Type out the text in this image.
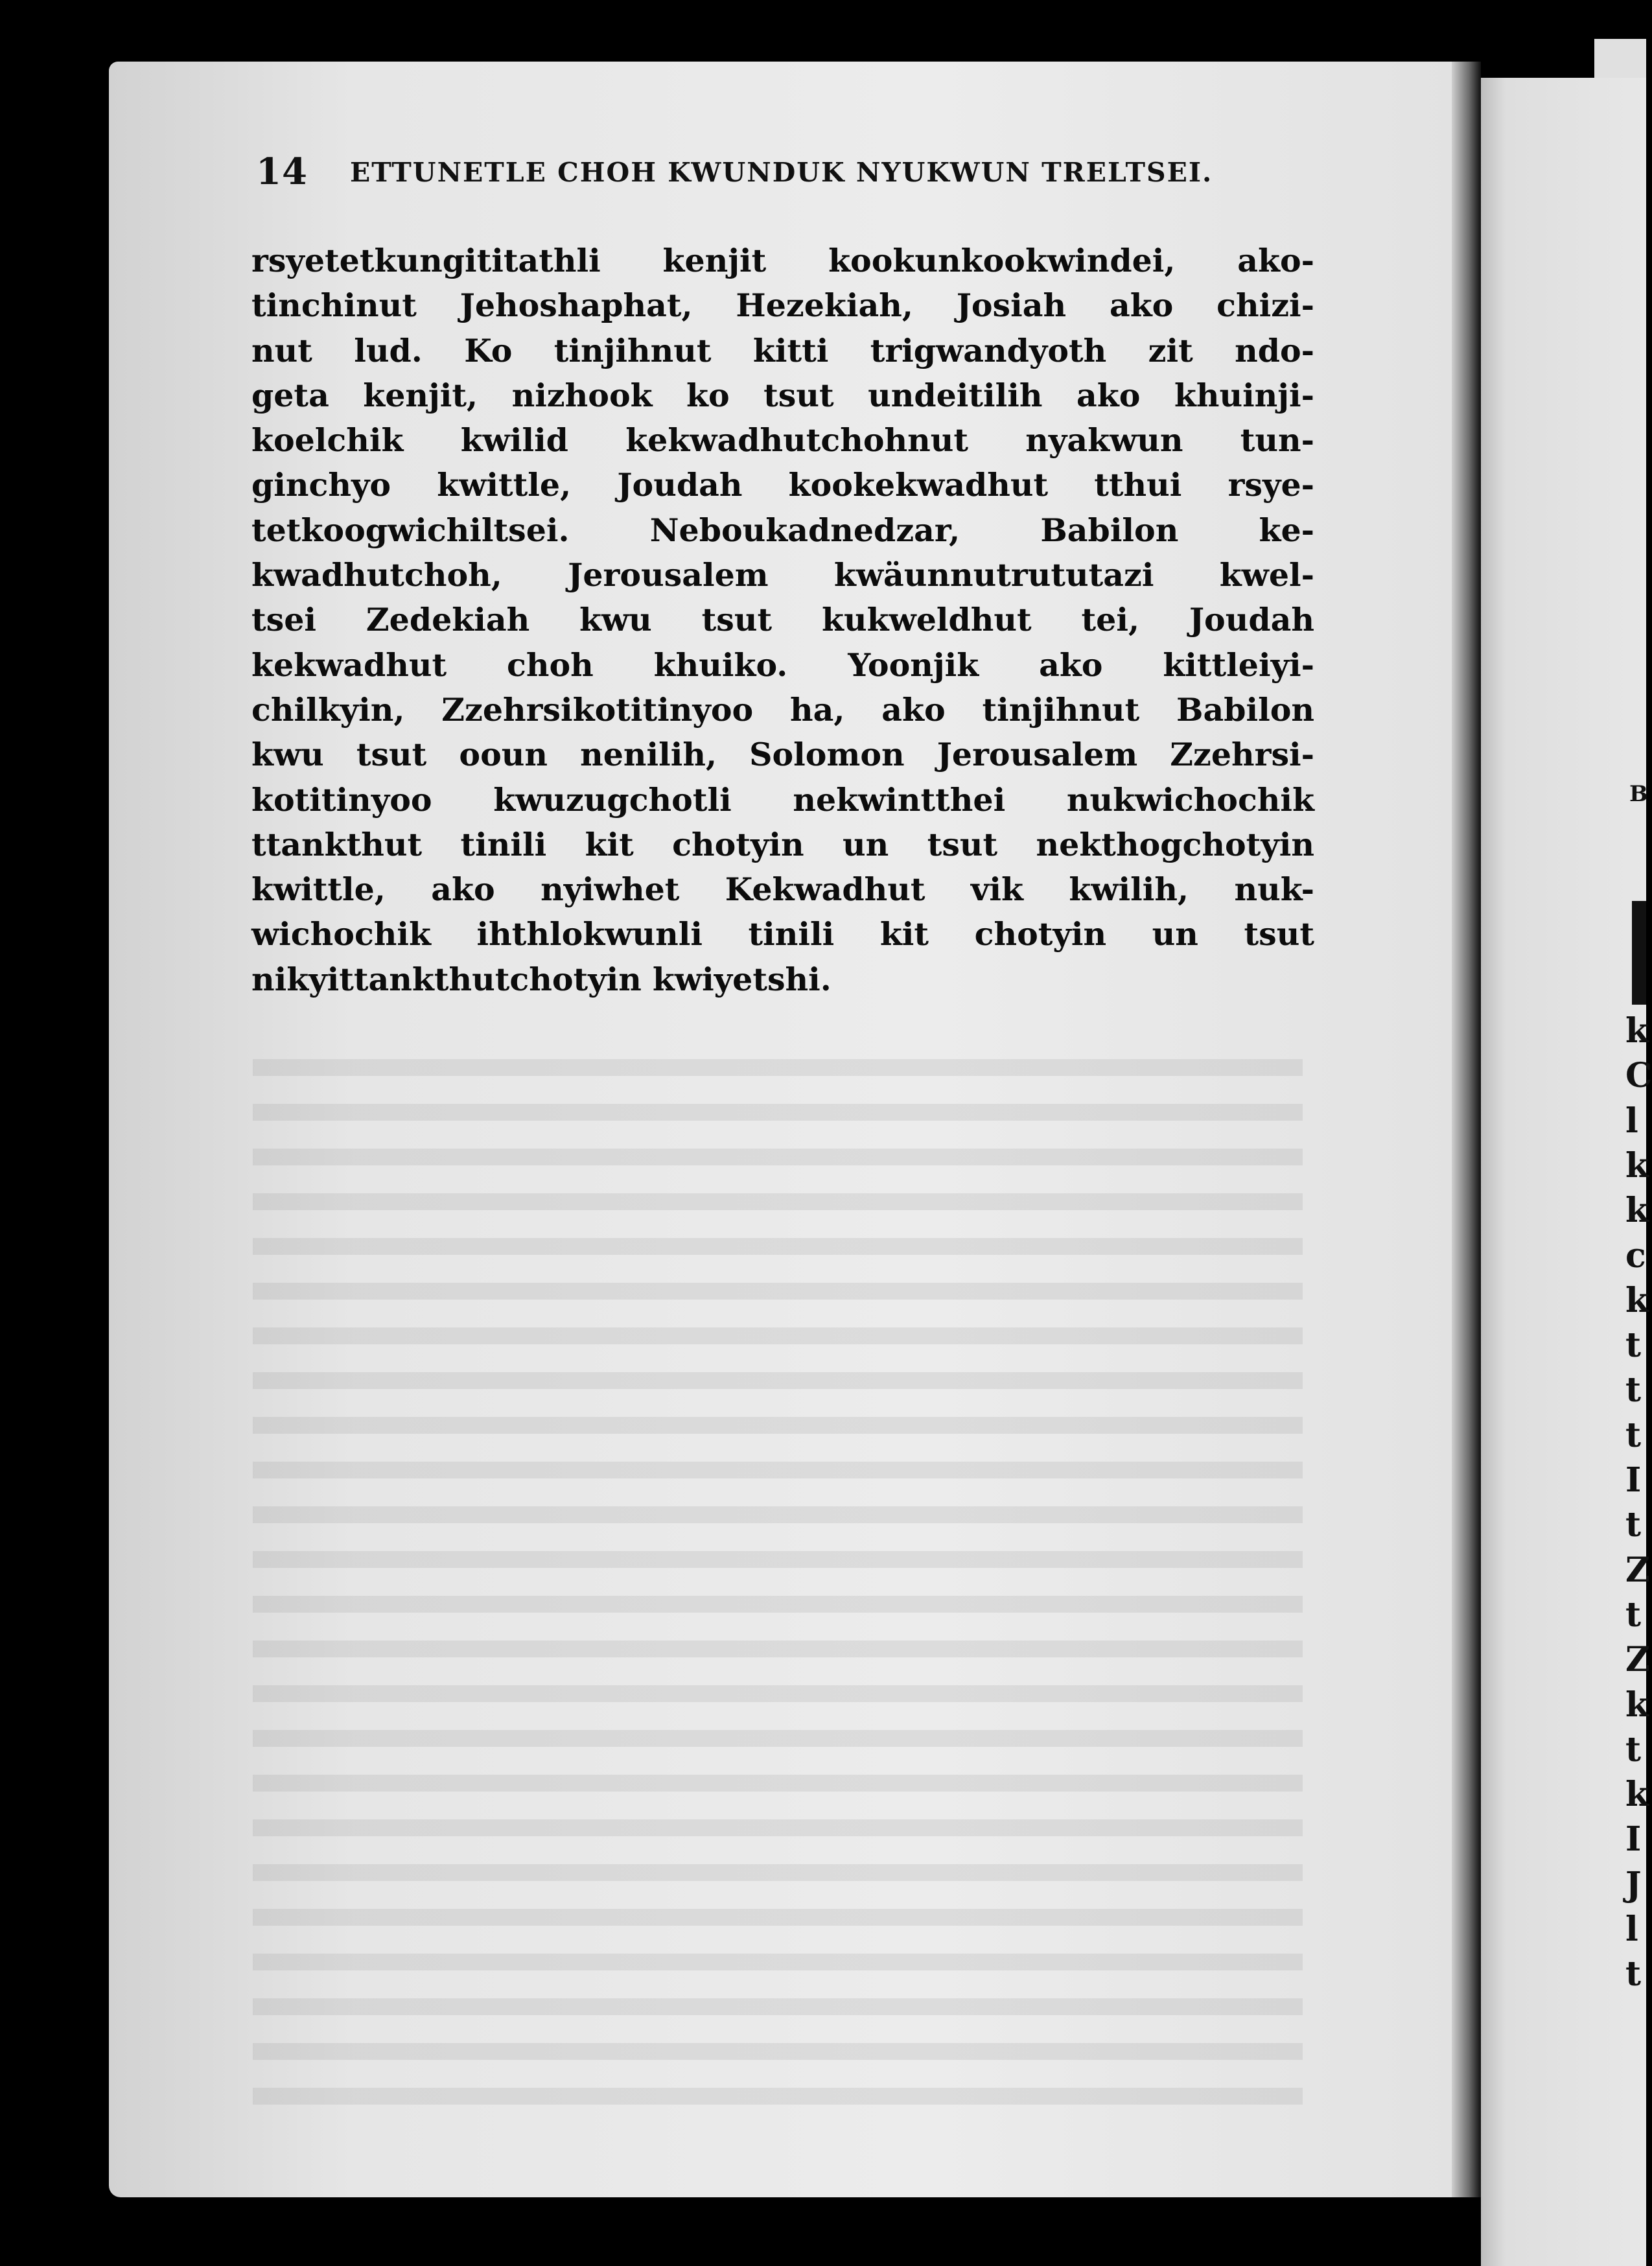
14 ETTUNETLE CHOH KWUNDUK NYUKWUN TRELTSEI.
rsyetetkungititathli kenjit kookunkookwindei, ako-
tinchinut Jehoshaphat, Hezekiah, Josiah ako chizi-
nut lud. Ko tinjihnut kitti trigwandyoth zit ndo-
geta kenjit, nizhook ko tsut undeitilih ako khuinji-
koelchik kwilid kekwadhutchohnut nyakwun tun-
ginchyo kwittle, Joudah kookekwadhut tthui rsye-
tetkoogwichiltsei. Neboukadnedzar, Babilon ke-
kwadhutchoh, Jerousalem kwäunnutrututazi kwel-
tsei Zedekiah kwu tsut kukweldhut tei, Joudah
kekwadhut choh khuiko. Yoonjik ako kittleiyi-
chilkyin, Zzehrsikotitinyoo ha, ako tinjihnut Babilon
kwu tsut ooun nenilih, Solomon Jerousalem Zzehrsi-
kotitinyoo kwuzugchotli nekwintthei nukwichochik
ttankthut tinili kit chotyin un tsut nekthogchotyin
kwittle, ako nyiwhet Kekwadhut vik kwilih, nuk-
wichochik ihthlokwunli tinili kit chotyin un tsut
nikyittankthutchotyin kwiyetshi.
B
k
C
l
k
k
c
k
t
t
t
I
t
Z
t
Z
k
t
k
I
J
l
t
